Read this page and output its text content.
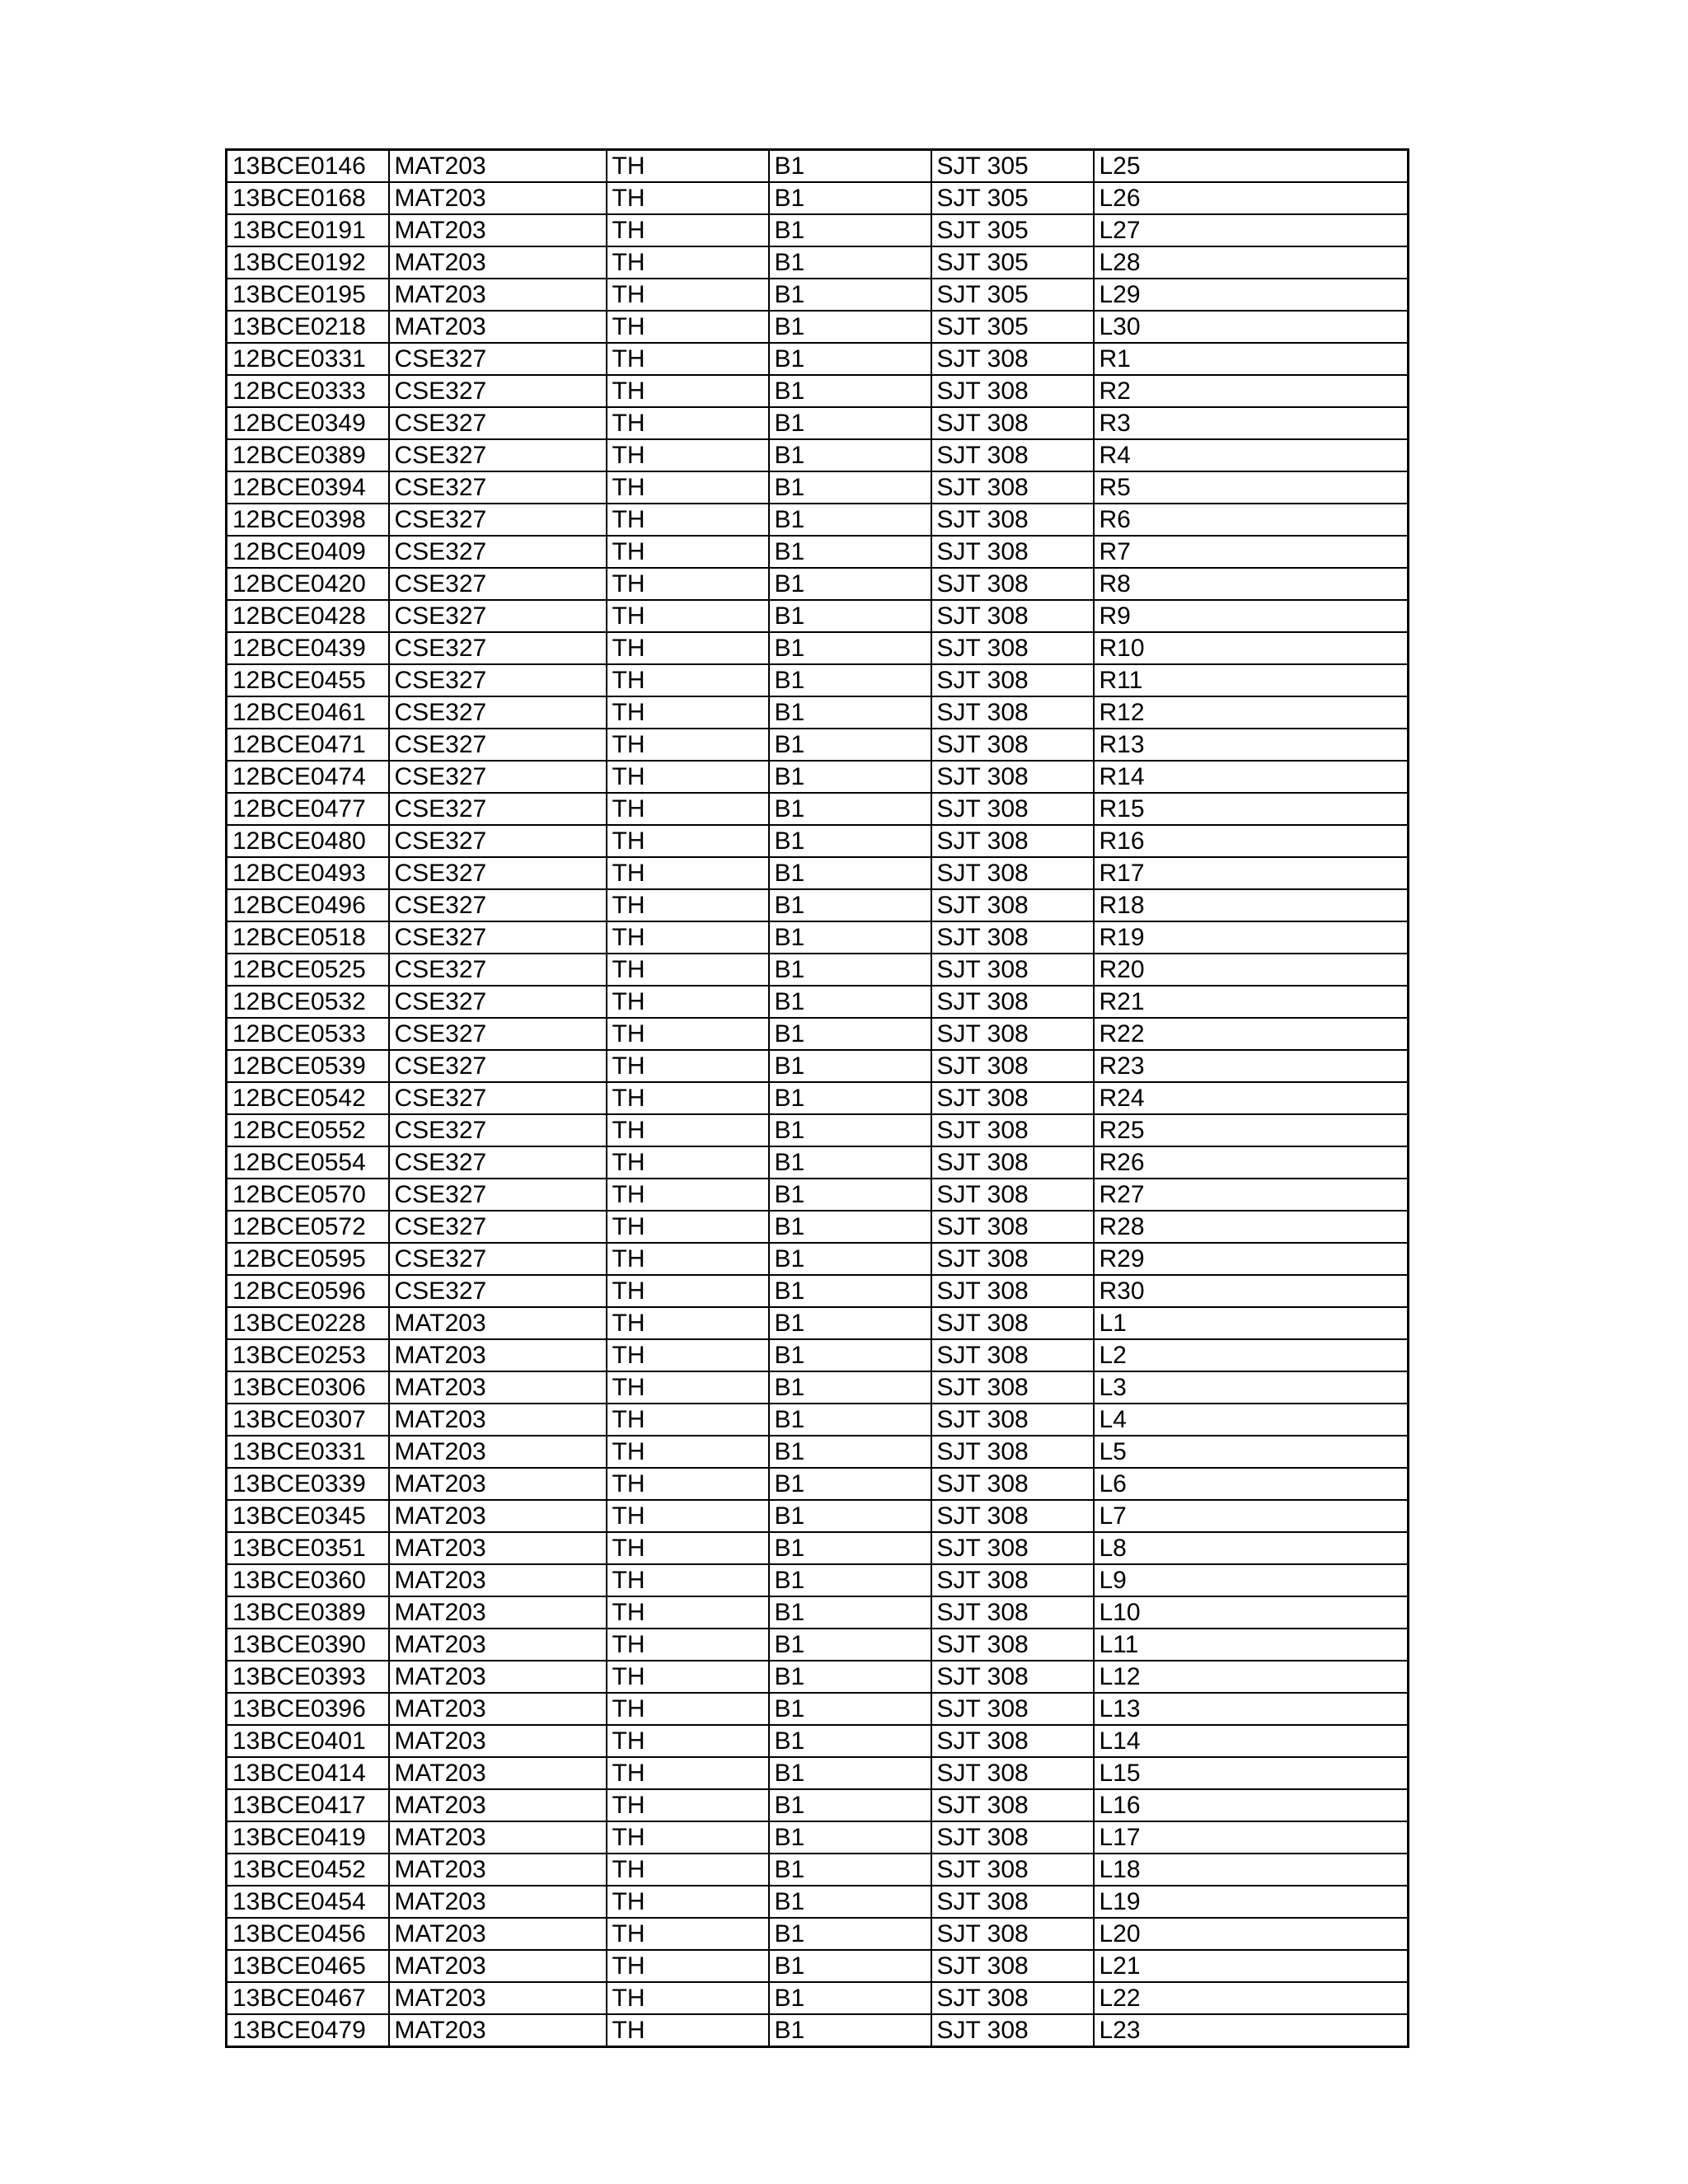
13BCE0146	MAT203	TH	B1	SJT 305	L25
13BCE0168	MAT203	TH	B1	SJT 305	L26
13BCE0191	MAT203	TH	B1	SJT 305	L27
13BCE0192	MAT203	TH	B1	SJT 305	L28
13BCE0195	MAT203	TH	B1	SJT 305	L29
13BCE0218	MAT203	TH	B1	SJT 305	L30
12BCE0331	CSE327	TH	B1	SJT 308	R1
12BCE0333	CSE327	TH	B1	SJT 308	R2
12BCE0349	CSE327	TH	B1	SJT 308	R3
12BCE0389	CSE327	TH	B1	SJT 308	R4
12BCE0394	CSE327	TH	B1	SJT 308	R5
12BCE0398	CSE327	TH	B1	SJT 308	R6
12BCE0409	CSE327	TH	B1	SJT 308	R7
12BCE0420	CSE327	TH	B1	SJT 308	R8
12BCE0428	CSE327	TH	B1	SJT 308	R9
12BCE0439	CSE327	TH	B1	SJT 308	R10
12BCE0455	CSE327	TH	B1	SJT 308	R11
12BCE0461	CSE327	TH	B1	SJT 308	R12
12BCE0471	CSE327	TH	B1	SJT 308	R13
12BCE0474	CSE327	TH	B1	SJT 308	R14
12BCE0477	CSE327	TH	B1	SJT 308	R15
12BCE0480	CSE327	TH	B1	SJT 308	R16
12BCE0493	CSE327	TH	B1	SJT 308	R17
12BCE0496	CSE327	TH	B1	SJT 308	R18
12BCE0518	CSE327	TH	B1	SJT 308	R19
12BCE0525	CSE327	TH	B1	SJT 308	R20
12BCE0532	CSE327	TH	B1	SJT 308	R21
12BCE0533	CSE327	TH	B1	SJT 308	R22
12BCE0539	CSE327	TH	B1	SJT 308	R23
12BCE0542	CSE327	TH	B1	SJT 308	R24
12BCE0552	CSE327	TH	B1	SJT 308	R25
12BCE0554	CSE327	TH	B1	SJT 308	R26
12BCE0570	CSE327	TH	B1	SJT 308	R27
12BCE0572	CSE327	TH	B1	SJT 308	R28
12BCE0595	CSE327	TH	B1	SJT 308	R29
12BCE0596	CSE327	TH	B1	SJT 308	R30
13BCE0228	MAT203	TH	B1	SJT 308	L1
13BCE0253	MAT203	TH	B1	SJT 308	L2
13BCE0306	MAT203	TH	B1	SJT 308	L3
13BCE0307	MAT203	TH	B1	SJT 308	L4
13BCE0331	MAT203	TH	B1	SJT 308	L5
13BCE0339	MAT203	TH	B1	SJT 308	L6
13BCE0345	MAT203	TH	B1	SJT 308	L7
13BCE0351	MAT203	TH	B1	SJT 308	L8
13BCE0360	MAT203	TH	B1	SJT 308	L9
13BCE0389	MAT203	TH	B1	SJT 308	L10
13BCE0390	MAT203	TH	B1	SJT 308	L11
13BCE0393	MAT203	TH	B1	SJT 308	L12
13BCE0396	MAT203	TH	B1	SJT 308	L13
13BCE0401	MAT203	TH	B1	SJT 308	L14
13BCE0414	MAT203	TH	B1	SJT 308	L15
13BCE0417	MAT203	TH	B1	SJT 308	L16
13BCE0419	MAT203	TH	B1	SJT 308	L17
13BCE0452	MAT203	TH	B1	SJT 308	L18
13BCE0454	MAT203	TH	B1	SJT 308	L19
13BCE0456	MAT203	TH	B1	SJT 308	L20
13BCE0465	MAT203	TH	B1	SJT 308	L21
13BCE0467	MAT203	TH	B1	SJT 308	L22
13BCE0479	MAT203	TH	B1	SJT 308	L23
